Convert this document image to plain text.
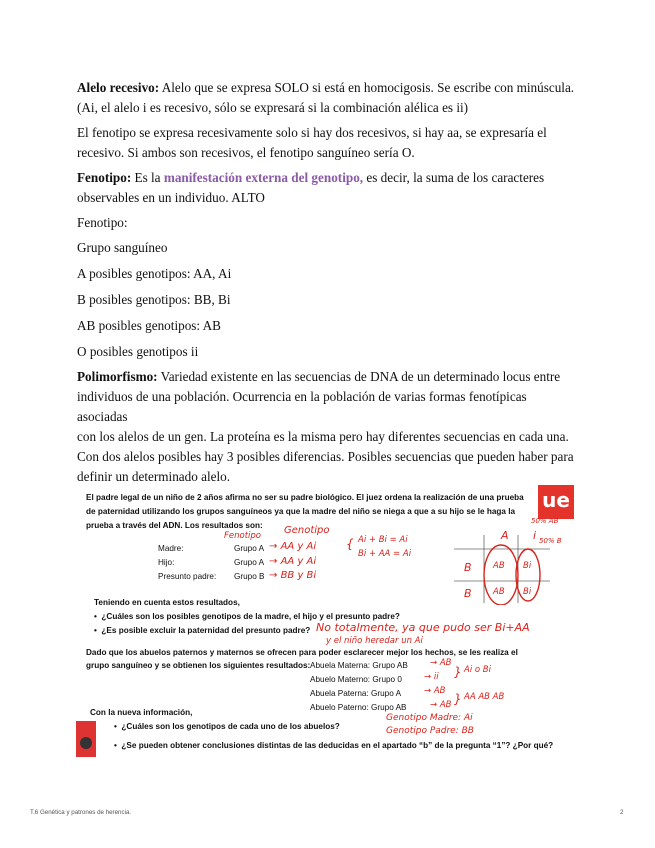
Alelo recesivo: Alelo que se expresa SOLO si está en homocigosis. Se escribe con minúscula.
(Ai, el alelo i es recesivo, sólo se expresará si la combinación alélica es ii)
El fenotipo se expresa recesivamente solo si hay dos recesivos, si hay aa, se expresaría el
recesivo. Si ambos son recesivos, el fenotipo sanguíneo sería O.
Fenotipo: Es la manifestación externa del genotipo, es decir, la suma de los caracteres
observables en un individuo. ALTO
Fenotipo:
Grupo sanguíneo
A posibles genotipos: AA, Ai
B posibles genotipos: BB, Bi
AB posibles genotipos: AB
O posibles genotipos ii
Polimorfismo: Variedad existente en las secuencias de DNA de un determinado locus entre
individuos de una población. Ocurrencia en la población de varias formas fenotípicas asociadas
con los alelos de un gen. La proteína es la misma pero hay diferentes secuencias en cada una.
Con dos alelos posibles hay 3 posibles diferencias. Posibles secuencias que pueden haber para
definir un determinado alelo.
ue
El padre legal de un niño de 2 años afirma no ser su padre biológico. El juez ordena la realización de una prueba
de paternidad utilizando los grupos sanguíneos ya que la madre del niño se niega a que a su hijo se le haga la
prueba a través del ADN. Los resultados son:
Madre:	Grupo A
Hijo:	Grupo A
Presunto padre: Grupo B
Teniendo en cuenta estos resultados,
•  ¿Cuáles son los posibles genotipos de la madre, el hijo y el presunto padre?
•  ¿Es posible excluir la paternidad del presunto padre?
Dado que los abuelos paternos y maternos se ofrecen para poder esclarecer mejor los hechos, se les realiza el
grupo sanguíneo y se obtienen los siguientes resultados: Abuela Materna: Grupo AB
Abuelo Materno: Grupo 0
Abuela Paterna: Grupo A
Abuelo Paterno: Grupo AB
Con la nueva información,
•  ¿Cuáles son los genotipos de cada uno de los abuelos?
•  ¿Se pueden obtener conclusiones distintas de las deducidas en el apartado “b” de la pregunta “1”? ¿Por qué?
Fenotipo Genotipo
→ AA y Ai
→ AA y Ai
→ BB y Bi
{ Ai + Bi = Ai
Bi + AA = Ai
No totalmente, ya que pudo ser Bi+AA
y el niño heredar un Ai
→ AB
→ ii } Ai o Bi
→ AB
→ AB } AA AB AB
Genotipo Madre: Ai
Genotipo Padre: BB
A i
B
B
AB Bi
AB Bi
50% AB
50% B
T.6 Genética y patrones de herencia.	2
